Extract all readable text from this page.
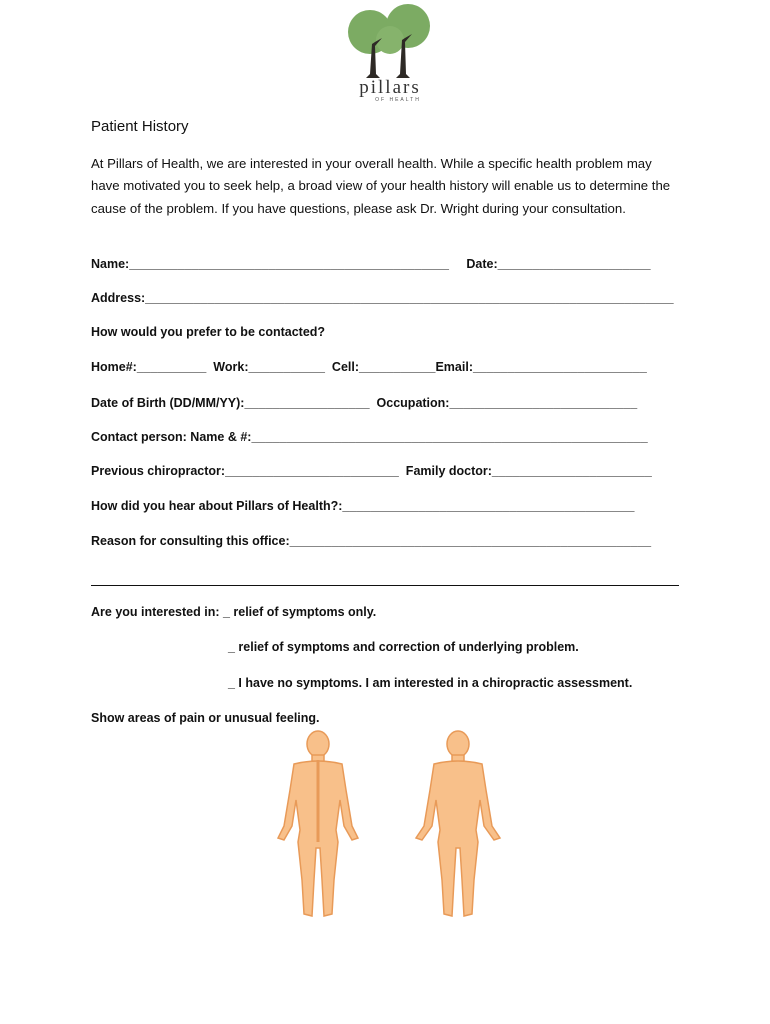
pillars
OF HEALTH
Patient History

At Pillars of Health, we are interested in your overall health. While a specific health problem may have motivated you to seek help, a broad view of your health history will enable us to determine the cause of the problem. If you have questions, please ask Dr. Wright during your consultation.

Name:______________________________________________     Date:______________________

Address:____________________________________________________________________________

How would you prefer to be contacted?

Home#:__________  Work:___________  Cell:___________Email:_________________________

Date of Birth (DD/MM/YY):__________________  Occupation:___________________________

Contact person: Name & #:_________________________________________________________

Previous chiropractor:_________________________  Family doctor:_______________________

How did you hear about Pillars of Health?:__________________________________________

Reason for consulting this office:____________________________________________________

Are you interested in: _ relief of symptoms only.

_ relief of symptoms and correction of underlying problem.

_ I have no symptoms. I am interested in a chiropractic assessment.

Show areas of pain or unusual feeling.
